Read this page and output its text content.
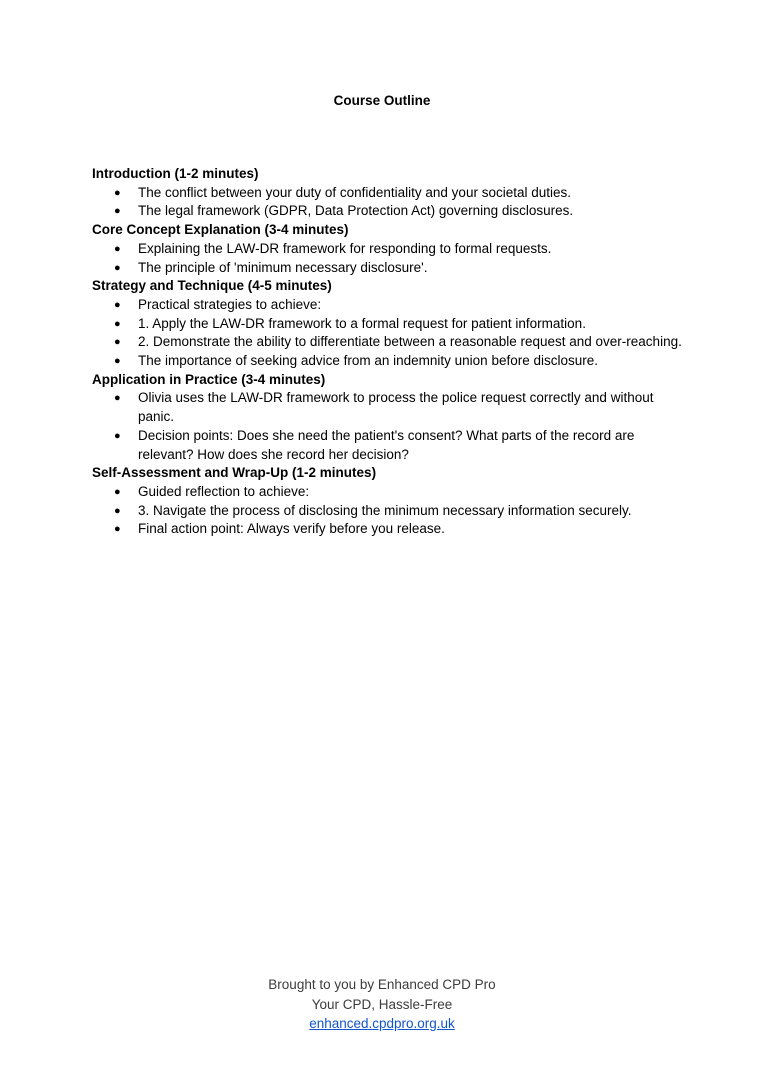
Course Outline
Introduction (1-2 minutes)
● The conflict between your duty of confidentiality and your societal duties.
● The legal framework (GDPR, Data Protection Act) governing disclosures.
Core Concept Explanation (3-4 minutes)
● Explaining the LAW-DR framework for responding to formal requests.
● The principle of 'minimum necessary disclosure'.
Strategy and Technique (4-5 minutes)
● Practical strategies to achieve:
● 1. Apply the LAW-DR framework to a formal request for patient information.
● 2. Demonstrate the ability to differentiate between a reasonable request and over-reaching.
● The importance of seeking advice from an indemnity union before disclosure.
Application in Practice (3-4 minutes)
● Olivia uses the LAW-DR framework to process the police request correctly and without panic.
● Decision points: Does she need the patient's consent? What parts of the record are relevant? How does she record her decision?
Self-Assessment and Wrap-Up (1-2 minutes)
● Guided reflection to achieve:
● 3. Navigate the process of disclosing the minimum necessary information securely.
● Final action point: Always verify before you release.
Brought to you by Enhanced CPD Pro
Your CPD, Hassle-Free
enhanced.cpdpro.org.uk
